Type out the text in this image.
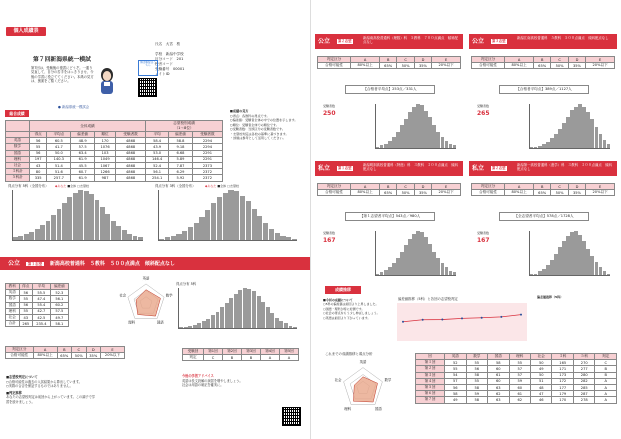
個人成績表
第７回新潟県統一模試
第7回は、受験後の復習にどうぞ。一通り見直して、自分の苦手をはっきりさせ、今後の学習に役立ててください。本紙の見方は、裏面をご覧ください。
● 新潟県統一模試会
氏名　大宮　桜
学校　新潟中学校
区分コード　201
校舎コード
受験番号　00001
メイトID
解答解説はこちら
総合成績
	全体成績					志望校別成績
（1〜8位）		
	得点	平均点	偏差値	順位	受験者数	平均	偏差値	受験者数
英語	56	60.5	48.9	170	4868	58.4	58.8	2294
数学	55	41.7	57.5	1076	4868	43.9	9.18	2294
国語	56	50.0	63.4	103	4868	53.0	6.68	2291
理科	197	140.3	61.9	1049	4868	146.4	5.89	2291
社会	43	51.4	45.5	1067	4868	52.4	7.87	2373
３科計	80	51.6	60.7	1266	4868	56.1	6.29	2372
５科計	335	257.7	61.9	987	4868	254.1	5.92	2372
■成績の見方
○得点：各教科の得点です。
○偏差値：受験者全体の中での位置を示します。
○順位：受験者全体での順位です。
○受験者数：当該区分の受験者数です。
・志望校判定は各校の基準に基づきます。
・評価は参考として活用してください。
得点分布 5科（全国分布） ◆あなた ■全体 □志望校	得点分布 3科（全国分布）	◆あなた ■全体 □志望校
公立 第１志望 新潟高校普通科　５教科　５００点満点　傾斜配点なし
教科	得点	平均	偏差値
英語	56	55.5	52.3
数学	55	47.4	56.1
国語	56	55.4	60.2
理科	55	42.7	57.5
社会	43	42.5	49.7
合計	265	235.4	58.1
英語
数学
国語
理科
社会
得点分布 5科
判定区分	A	B	C	D	E
合格可能性	80%以上	65%	50%	35%	20%以下
受験回	第1回	第2回	第3回	第4回	第5回
判定	C	B	B	A	A
■志望校判定について
○合格可能性は過去の入試結果から算出しています。
○実際の合否を保証するものではありません。
■判定推移
あなたの志望校判定は前回から上がっています。この調子で学習を続けましょう。
今後の学習アドバイス
英語は長文読解の演習を増やしましょう。
社会は用語の暗記を確実に。
公立 第２志望
新潟南高校普通科（理数）科　５教科　７００点満点　傾斜配点なし
判定区分	A	B	C	D	E
合格可能性	80%以上	65%	50%	35%	20%以下
【合格者平均点】253点／331人
250
受験者数
公立 第３志望
新潟江南高校普通科　５教科　５００点満点　傾斜配点なし
判定区分	A	B	C	D	E
合格可能性	80%以上	65%	50%	35%	20%以下
【合格者平均点】389点／1127人
265
受験者数
私立 第１志望
新潟明訓高校普通科（特進）科　３教科　３００点満点　傾斜配点なし
判定区分	A	B	C	D	E
合格可能性	80%以上	65%	50%	35%	20%以下
【第１志望者平均点】543点／980人
167
受験者数
私立 第２志望
新潟第一高校普通科（進学）科　３教科　３００点満点　傾斜配点なし
判定区分	A	B	C	D	E
合格可能性	80%以上	65%	50%	35%	20%以下
【全志望者平均点】578点／1728人
167
受験者数
成績推移
■今回の成績について
○5科の偏差値は前回より上昇しました。
○国語・理科が特に好調です。
○社会の得点をもう少し伸ばしましょう。
○英語は前回より下がっています。
偏差値推移（5科）と各回の志望校判定	偏差値推移（5科）
これまでの成績推移と弱点分析
英語
数学
国語
理科
社会
回	英語	数学	国語	理科	社会	３科	５科	判定
第１回	52	55	58	55	50	165	270	C
第２回	55	56	60	57	49	171	277	B
第３回	54	58	61	57	50	173	280	B
第４回	57	55	60	59	51	172	282	A
第５回	56	58	63	60	48	177	285	A
第６回	58	59	62	61	47	179	287	A
第７回	49	58	63	62	46	170	278	A
